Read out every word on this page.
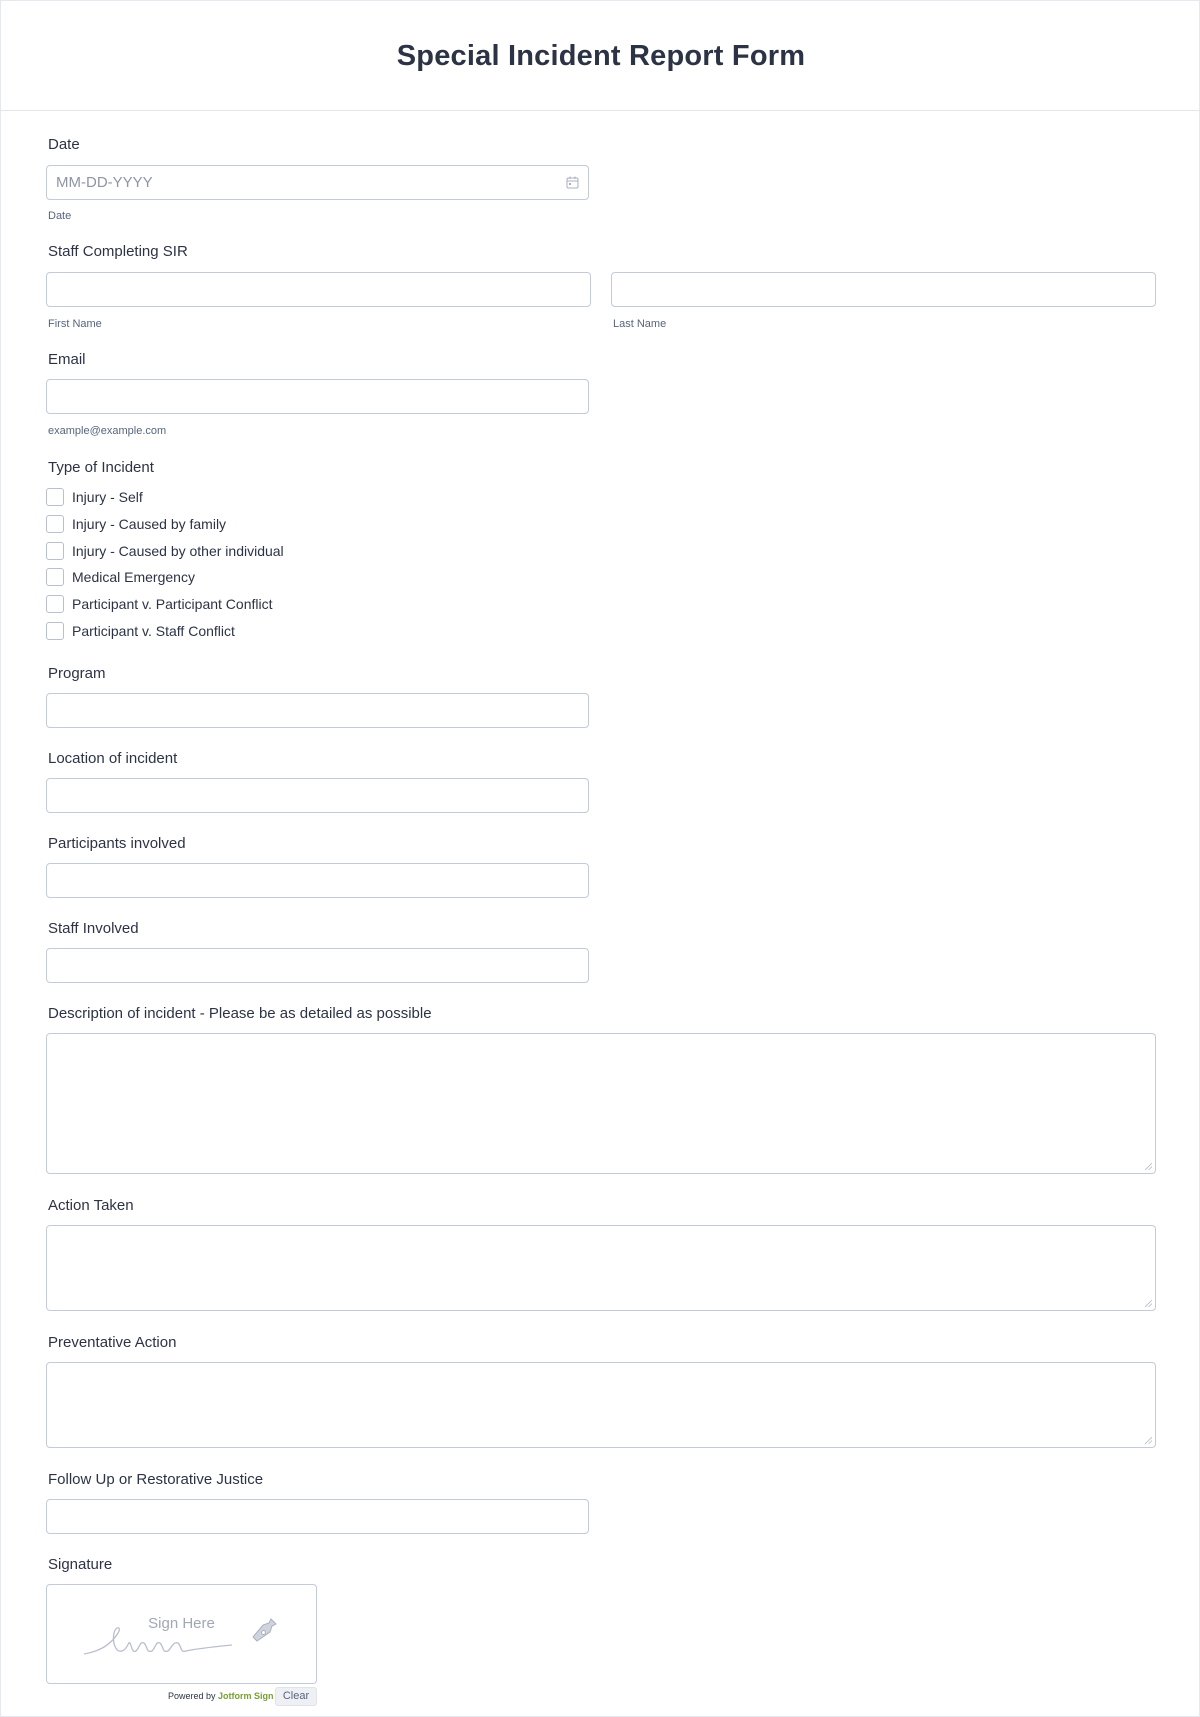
Special Incident Report Form
Date
MM-DD-YYYY
Date
Staff Completing SIR
First Name	Last Name
Email
example@example.com
Type of Incident
Injury - Self
Injury - Caused by family
Injury - Caused by other individual
Medical Emergency
Participant v. Participant Conflict
Participant v. Staff Conflict
Program
Location of incident
Participants involved
Staff Involved
Description of incident - Please be as detailed as possible
Action Taken
Preventative Action
Follow Up or Restorative Justice
Signature
Sign Here
Powered by Jotform Sign Clear
